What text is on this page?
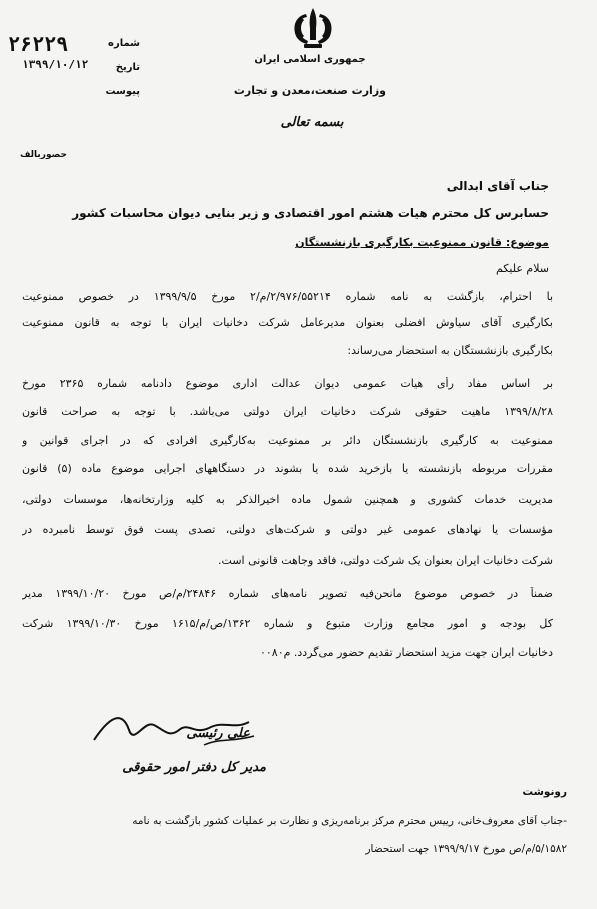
جمهوری اسلامی ایران
وزارت صنعت،معدن و تجارت
بسمه تعالی
شماره
۲۶۲۲۹
تاریخ
۱۳۹۹/۱۰/۱۲
پیوست
حصوربالف
جناب آقای ابدالی
حسابرس کل محترم هیات هشتم امور اقتصادی و زیر بنایی دیوان محاسبات کشور
موضوع: قانون ممنوعیت بکارگیری بازنشستگان
سلام علیکم
با احترام، بازگشت به نامه شماره ۲/۹۷۶/۵۵۲۱۴/م/۲ مورخ ۱۳۹۹/۹/۵ در خصوص ممنوعیت
بکارگیری آقای سیاوش افضلی بعنوان مدیرعامل شرکت دخانیات ایران با توجه به قانون ممنوعیت
بکارگیری بازنشستگان به استحضار می‌رساند:
بر اساس مفاد رأی هیات عمومی دیوان عدالت اداری موضوع دادنامه شماره ۲۳۶۵ مورخ
۱۳۹۹/۸/۲۸ ماهیت حقوقی شرکت دخانیات ایران دولتی می‌باشد. با توجه به صراحت قانون
ممنوعیت به کارگیری بازنشستگان دائر بر ممنوعیت به‌کارگیری افرادی که در اجرای قوانین و
مقررات مربوطه بازنشسته یا بازخرید شده یا بشوند در دستگاههای اجرایی موضوع ماده (۵) قانون
مدیریت خدمات کشوری و همچنین شمول ماده اخیرالذکر به کلیه وزارتخانه‌ها، موسسات دولتی،
مؤسسات یا نهادهای عمومی غیر دولتی و شرکت‌های دولتی، تصدی پست فوق توسط نامبرده در
شرکت دخانیات ایران بعنوان یک شرکت دولتی، فاقد وجاهت قانونی است.
ضمناً در خصوص موضوع مانحن‌فیه تصویر نامه‌های شماره ۲۴۸۴۶/م/ص مورخ ۱۳۹۹/۱۰/۲۰ مدیر
کل بودجه و امور مجامع وزارت متبوع و شماره ۱۳۶۲/ص/م/۱۶۱۵ مورخ ۱۳۹۹/۱۰/۳۰ شرکت
دخانیات ایران جهت مزید استحضار تقدیم حضور می‌گردد. م۰۰۸۰
علی رئیسی
مدیر کل دفتر امور حقوقی
رونوشت
-جناب آقای معروف‌خانی، رییس محترم مرکز برنامه‌ریزی و نظارت بر عملیات کشور بازگشت به نامه
۵/۱۵۸۲/م/ص مورخ ۱۳۹۹/۹/۱۷ جهت استحضار
